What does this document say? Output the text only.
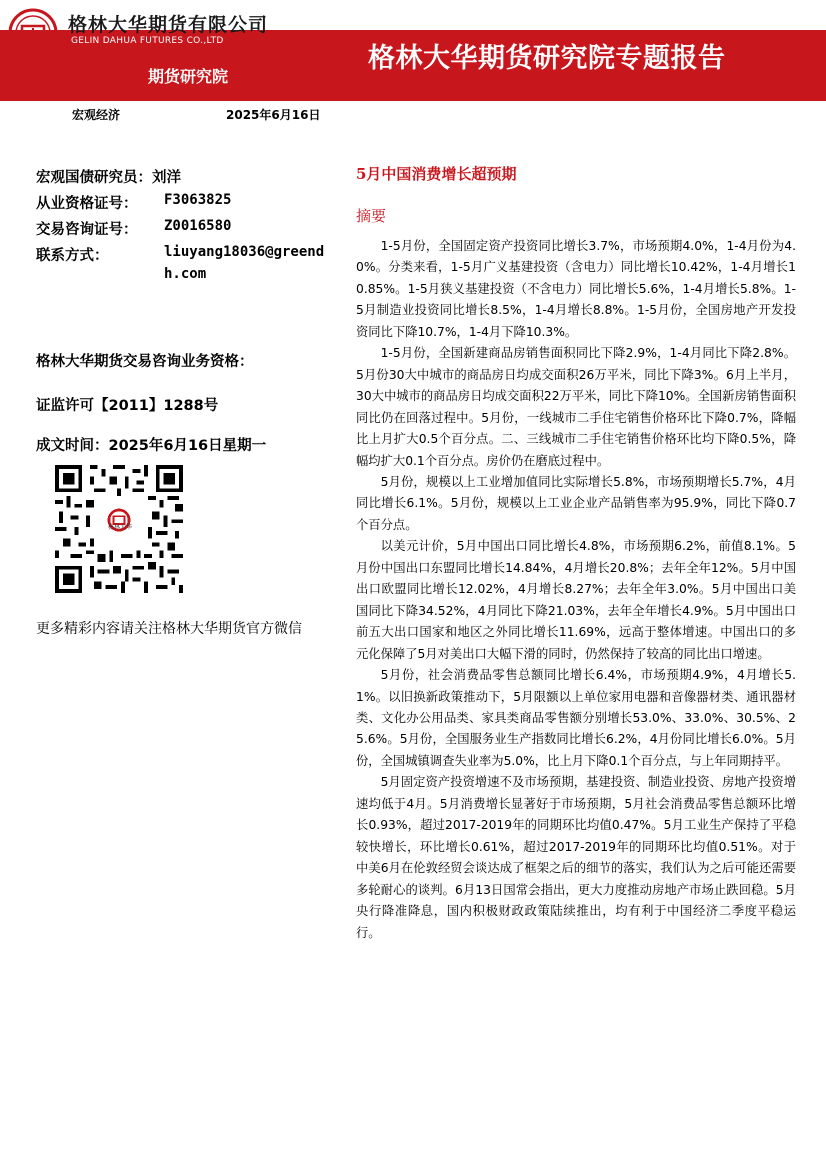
格林大华期货有限公司
GELIN DAHUA FUTURES CO.,LTD
格林大华期货研究院专题报告
期货研究院
宏观经济	2025年6月16日
宏观国债研究员：刘洋
从业资格证号： F3063825
交易咨询证号： Z0016580
联系方式：	liuyang18036@greend
h.com
格林大华期货交易咨询业务资格：
证监许可【2011】1288号
成文时间：2025年6月16日星期一
格林大华
更多精彩内容请关注格林大华期货官方微信
5月中国消费增长超预期
摘要

1-5月份，全国固定资产投资同比增长3.7%，市场预期4.0%，1-4月份为4.0%。分类来看，1-5月广义基建投资（含电力）同比增长10.42%，1-4月增长10.85%。1-5月狭义基建投资（不含电力）同比增长5.6%，1-4月增长5.8%。1-5月制造业投资同比增长8.5%，1-4月增长8.8%。1-5月份，全国房地产开发投资同比下降10.7%，1-4月下降10.3%。

1-5月份，全国新建商品房销售面积同比下降2.9%，1-4月同比下降2.8%。5月份30大中城市的商品房日均成交面积26万平米，同比下降3%。6月上半月，30大中城市的商品房日均成交面积22万平米，同比下降10%。全国新房销售面积同比仍在回落过程中。5月份，一线城市二手住宅销售价格环比下降0.7%，降幅比上月扩大0.5个百分点。二、三线城市二手住宅销售价格环比均下降0.5%，降幅均扩大0.1个百分点。房价仍在磨底过程中。

5月份，规模以上工业增加值同比实际增长5.8%，市场预期增长5.7%，4月同比增长6.1%。5月份，规模以上工业企业产品销售率为95.9%，同比下降0.7个百分点。

以美元计价，5月中国出口同比增长4.8%，市场预期6.2%，前值8.1%。5月份中国出口东盟同比增长14.84%，4月增长20.8%；去年全年12%。5月中国出口欧盟同比增长12.02%，4月增长8.27%；去年全年3.0%。5月中国出口美国同比下降34.52%，4月同比下降21.03%，去年全年增长4.9%。5月中国出口前五大出口国家和地区之外同比增长11.69%，远高于整体增速。中国出口的多元化保障了5月对美出口大幅下滑的同时，仍然保持了较高的同比出口增速。

5月份，社会消费品零售总额同比增长6.4%，市场预期4.9%，4月增长5.1%。以旧换新政策推动下，5月限额以上单位家用电器和音像器材类、通讯器材类、文化办公用品类、家具类商品零售额分别增长53.0%、33.0%、30.5%、25.6%。5月份，全国服务业生产指数同比增长6.2%，4月份同比增长6.0%。5月份，全国城镇调查失业率为5.0%，比上月下降0.1个百分点，与上年同期持平。

5月固定资产投资增速不及市场预期，基建投资、制造业投资、房地产投资增速均低于4月。5月消费增长显著好于市场预期，5月社会消费品零售总额环比增长0.93%，超过2017-2019年的同期环比均值0.47%。5月工业生产保持了平稳较快增长，环比增长0.61%，超过2017-2019年的同期环比均值0.51%。对于中美6月在伦敦经贸会谈达成了框架之后的细节的落实，我们认为之后可能还需要多轮耐心的谈判。6月13日国常会指出，更大力度推动房地产市场止跌回稳。5月央行降准降息，国内积极财政政策陆续推出，均有利于中国经济二季度平稳运行。
